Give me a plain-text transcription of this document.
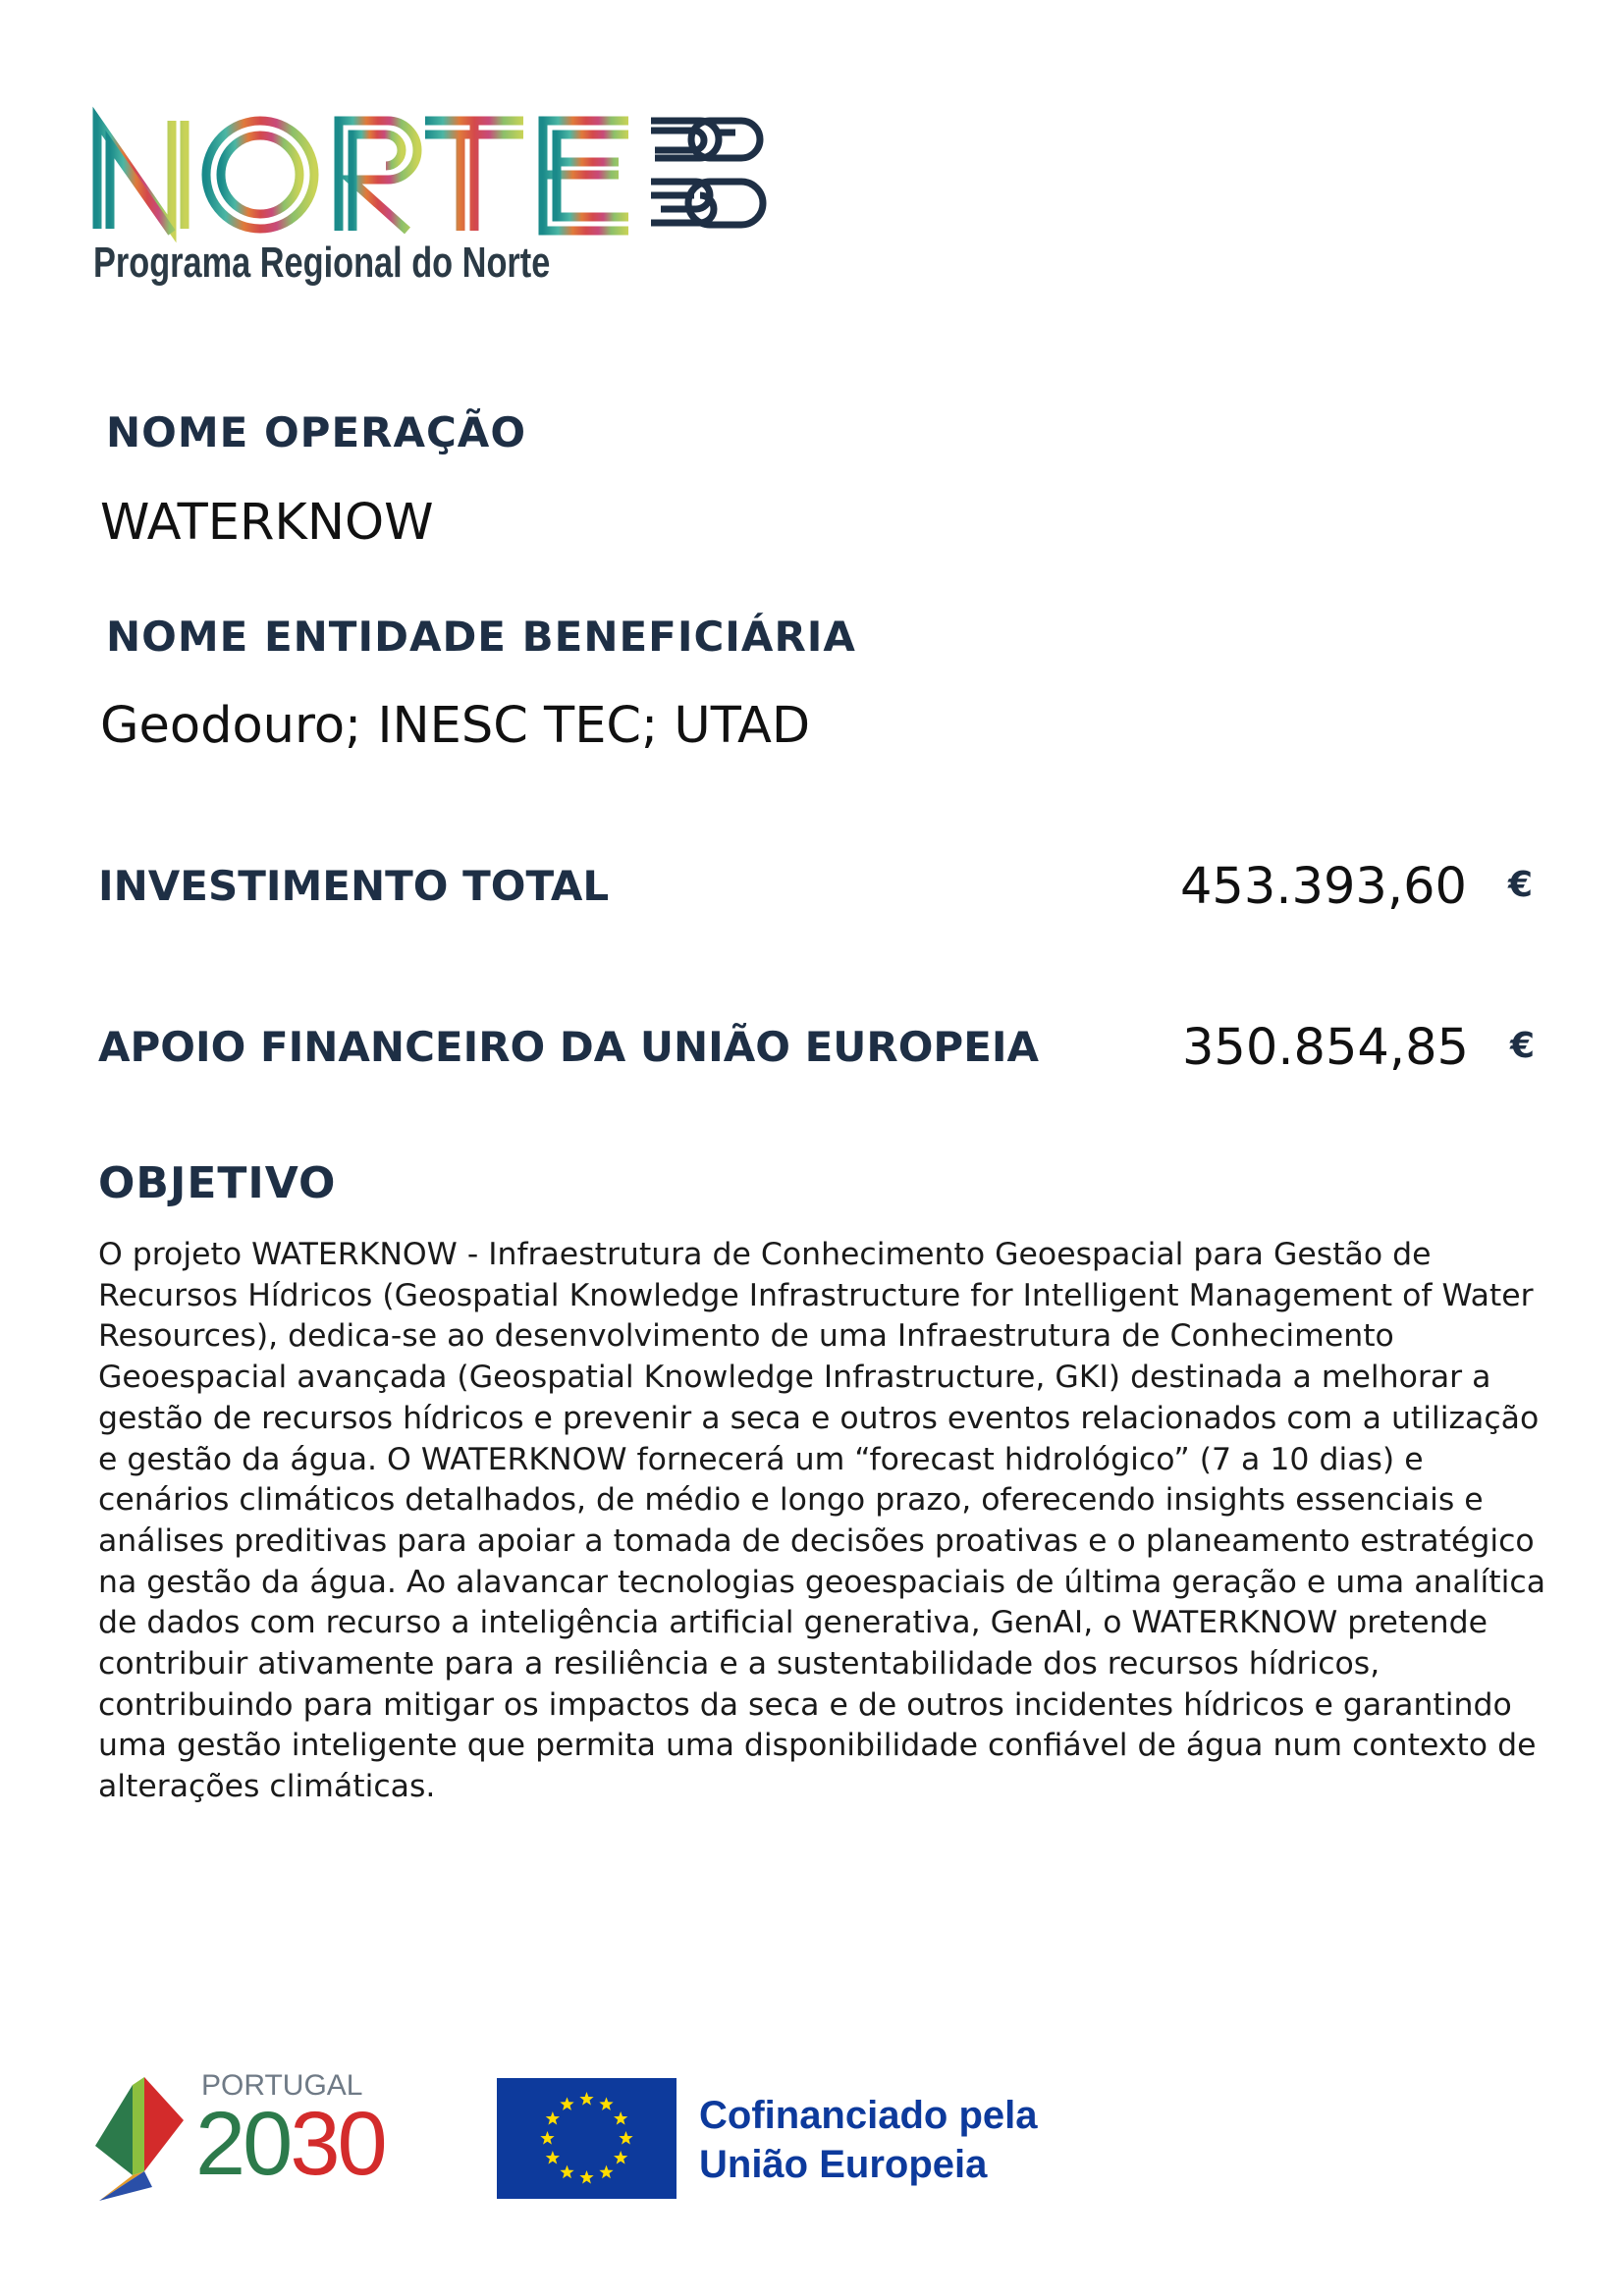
Programa Regional do Norte
NOME OPERAÇÃO
WATERKNOW
NOME ENTIDADE BENEFICIÁRIA
Geodouro; INESC TEC; UTAD
INVESTIMENTO TOTAL	453.393,60 €
APOIO FINANCEIRO DA UNIÃO EUROPEIA	350.854,85 €
OBJETIVO
O projeto WATERKNOW - Infraestrutura de Conhecimento Geoespacial para Gestão de Recursos Hídricos (Geospatial Knowledge Infrastructure for Intelligent Management of Water Resources), dedica-se ao desenvolvimento de uma Infraestrutura de Conhecimento Geoespacial avançada (Geospatial Knowledge Infrastructure, GKI) destinada a melhorar a gestão de recursos hídricos e prevenir a seca e outros eventos relacionados com a utilização e gestão da água. O WATERKNOW fornecerá um “forecast hidrológico” (7 a 10 dias) e cenários climáticos detalhados, de médio e longo prazo, oferecendo insights essenciais e análises preditivas para apoiar a tomada de decisões proativas e o planeamento estratégico na gestão da água. Ao alavancar tecnologias geoespaciais de última geração e uma analítica de dados com recurso a inteligência artificial generativa, GenAI, o WATERKNOW pretende contribuir ativamente para a resiliência e a sustentabilidade dos recursos hídricos, contribuindo para mitigar os impactos da seca e de outros incidentes hídricos e garantindo uma gestão inteligente que permita uma disponibilidade confiável de água num contexto de alterações climáticas.
PORTUGAL
2030	Cofinanciado pela
União Europeia
